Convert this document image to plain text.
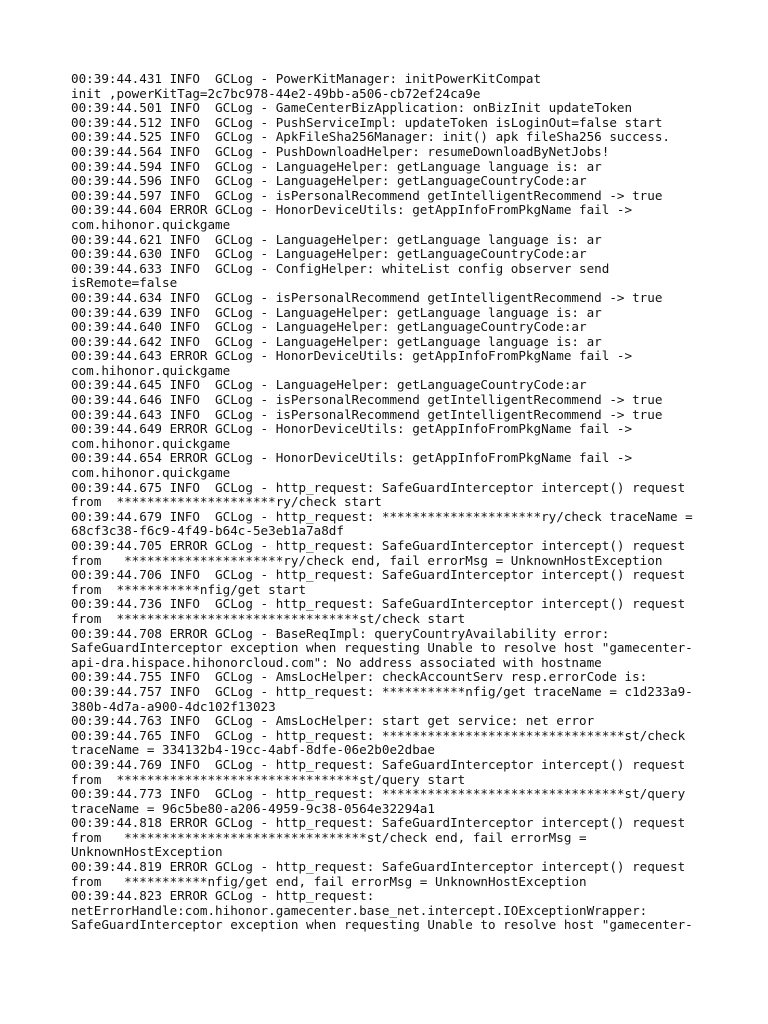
00:39:44.431 INFO  GCLog - PowerKitManager: initPowerKitCompat
init ,powerKitTag=2c7bc978-44e2-49bb-a506-cb72ef24ca9e
00:39:44.501 INFO  GCLog - GameCenterBizApplication: onBizInit updateToken
00:39:44.512 INFO  GCLog - PushServiceImpl: updateToken isLoginOut=false start
00:39:44.525 INFO  GCLog - ApkFileSha256Manager: init() apk fileSha256 success.
00:39:44.564 INFO  GCLog - PushDownloadHelper: resumeDownloadByNetJobs!
00:39:44.594 INFO  GCLog - LanguageHelper: getLanguage language is: ar
00:39:44.596 INFO  GCLog - LanguageHelper: getLanguageCountryCode:ar
00:39:44.597 INFO  GCLog - isPersonalRecommend getIntelligentRecommend -> true
00:39:44.604 ERROR GCLog - HonorDeviceUtils: getAppInfoFromPkgName fail ->
com.hihonor.quickgame
00:39:44.621 INFO  GCLog - LanguageHelper: getLanguage language is: ar
00:39:44.630 INFO  GCLog - LanguageHelper: getLanguageCountryCode:ar
00:39:44.633 INFO  GCLog - ConfigHelper: whiteList config observer send
isRemote=false
00:39:44.634 INFO  GCLog - isPersonalRecommend getIntelligentRecommend -> true
00:39:44.639 INFO  GCLog - LanguageHelper: getLanguage language is: ar
00:39:44.640 INFO  GCLog - LanguageHelper: getLanguageCountryCode:ar
00:39:44.642 INFO  GCLog - LanguageHelper: getLanguage language is: ar
00:39:44.643 ERROR GCLog - HonorDeviceUtils: getAppInfoFromPkgName fail ->
com.hihonor.quickgame
00:39:44.645 INFO  GCLog - LanguageHelper: getLanguageCountryCode:ar
00:39:44.646 INFO  GCLog - isPersonalRecommend getIntelligentRecommend -> true
00:39:44.643 INFO  GCLog - isPersonalRecommend getIntelligentRecommend -> true
00:39:44.649 ERROR GCLog - HonorDeviceUtils: getAppInfoFromPkgName fail ->
com.hihonor.quickgame
00:39:44.654 ERROR GCLog - HonorDeviceUtils: getAppInfoFromPkgName fail ->
com.hihonor.quickgame
00:39:44.675 INFO  GCLog - http_request: SafeGuardInterceptor intercept() request
from  *********************ry/check start
00:39:44.679 INFO  GCLog - http_request: *********************ry/check traceName =
68cf3c38-f6c9-4f49-b64c-5e3eb1a7a8df
00:39:44.705 ERROR GCLog - http_request: SafeGuardInterceptor intercept() request
from   *********************ry/check end, fail errorMsg = UnknownHostException
00:39:44.706 INFO  GCLog - http_request: SafeGuardInterceptor intercept() request
from  ***********nfig/get start
00:39:44.736 INFO  GCLog - http_request: SafeGuardInterceptor intercept() request
from  ********************************st/check start
00:39:44.708 ERROR GCLog - BaseReqImpl: queryCountryAvailability error:
SafeGuardInterceptor exception when requesting Unable to resolve host "gamecenter-
api-dra.hispace.hihonorcloud.com": No address associated with hostname
00:39:44.755 INFO  GCLog - AmsLocHelper: checkAccountServ resp.errorCode is:
00:39:44.757 INFO  GCLog - http_request: ***********nfig/get traceName = c1d233a9-
380b-4d7a-a900-4dc102f13023
00:39:44.763 INFO  GCLog - AmsLocHelper: start get service: net error
00:39:44.765 INFO  GCLog - http_request: ********************************st/check
traceName = 334132b4-19cc-4abf-8dfe-06e2b0e2dbae
00:39:44.769 INFO  GCLog - http_request: SafeGuardInterceptor intercept() request
from  ********************************st/query start
00:39:44.773 INFO  GCLog - http_request: ********************************st/query
traceName = 96c5be80-a206-4959-9c38-0564e32294a1
00:39:44.818 ERROR GCLog - http_request: SafeGuardInterceptor intercept() request
from   ********************************st/check end, fail errorMsg =
UnknownHostException
00:39:44.819 ERROR GCLog - http_request: SafeGuardInterceptor intercept() request
from   ***********nfig/get end, fail errorMsg = UnknownHostException
00:39:44.823 ERROR GCLog - http_request:
netErrorHandle:com.hihonor.gamecenter.base_net.intercept.IOExceptionWrapper:
SafeGuardInterceptor exception when requesting Unable to resolve host "gamecenter-
